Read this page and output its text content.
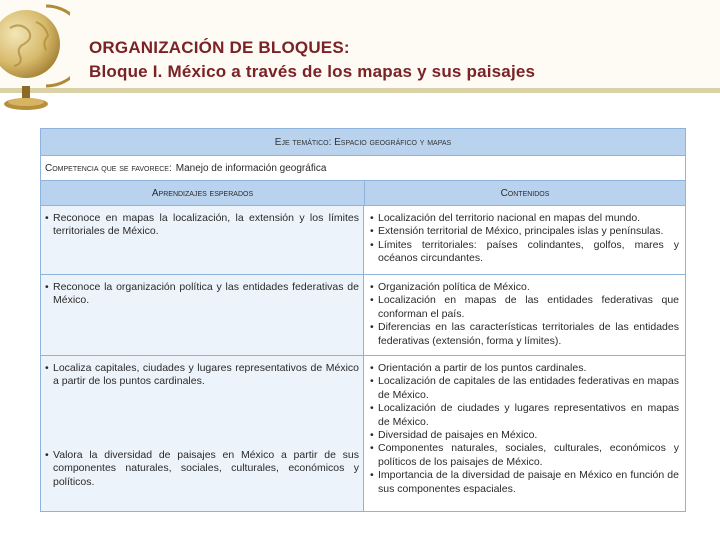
ORGANIZACIÓN DE BLOQUES:
Bloque I. México a través de los mapas y sus paisajes
Eje temático: Espacio geográfico y mapas
Competencia que se favorece: Manejo de información geográfica
Aprendizajes esperados	Contenidos
• Reconoce en mapas la localización, la extensión y los límites territoriales de México.
• Localización del territorio nacional en mapas del mundo.
• Extensión territorial de México, principales islas y penínsulas.
• Límites territoriales: países colindantes, golfos, mares y océanos circundantes.
• Reconoce la organización política y las entidades federativas de México.
• Organización política de México.
• Localización en mapas de las entidades federativas que conforman el país.
• Diferencias en las características territoriales de las entidades federativas (extensión, forma y límites).
• Localiza capitales, ciudades y lugares representativos de México a partir de los puntos cardinales.
• Valora la diversidad de paisajes en México a partir de sus componentes naturales, sociales, culturales, económicos y políticos.
• Orientación a partir de los puntos cardinales.
• Localización de capitales de las entidades federativas en mapas de México.
• Localización de ciudades y lugares representativos en mapas de México.
• Diversidad de paisajes en México.
• Componentes naturales, sociales, culturales, económicos y políticos de los paisajes de México.
• Importancia de la diversidad de paisaje en México en función de sus componentes espaciales.
